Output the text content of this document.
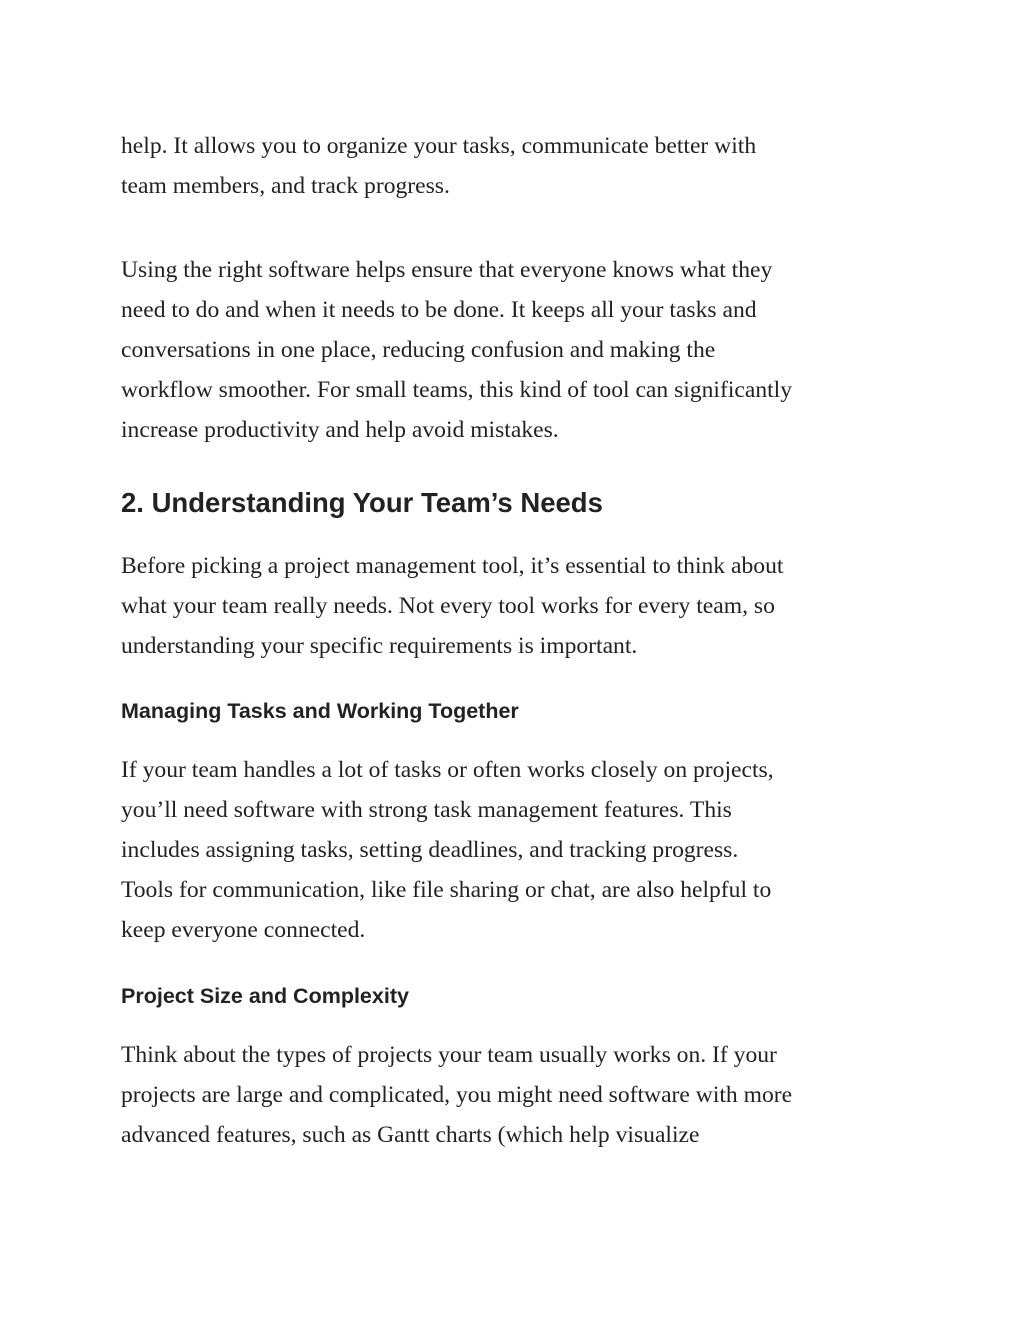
help. It allows you to organize your tasks, communicate better with

team members, and track progress.

Using the right software helps ensure that everyone knows what they

need to do and when it needs to be done. It keeps all your tasks and

conversations in one place, reducing confusion and making the

workflow smoother. For small teams, this kind of tool can significantly

increase productivity and help avoid mistakes.

2. Understanding Your Team’s Needs

Before picking a project management tool, it’s essential to think about

what your team really needs. Not every tool works for every team, so

understanding your specific requirements is important.

Managing Tasks and Working Together

If your team handles a lot of tasks or often works closely on projects,

you’ll need software with strong task management features. This

includes assigning tasks, setting deadlines, and tracking progress.

Tools for communication, like file sharing or chat, are also helpful to

keep everyone connected.

Project Size and Complexity

Think about the types of projects your team usually works on. If your

projects are large and complicated, you might need software with more

advanced features, such as Gantt charts (which help visualize
